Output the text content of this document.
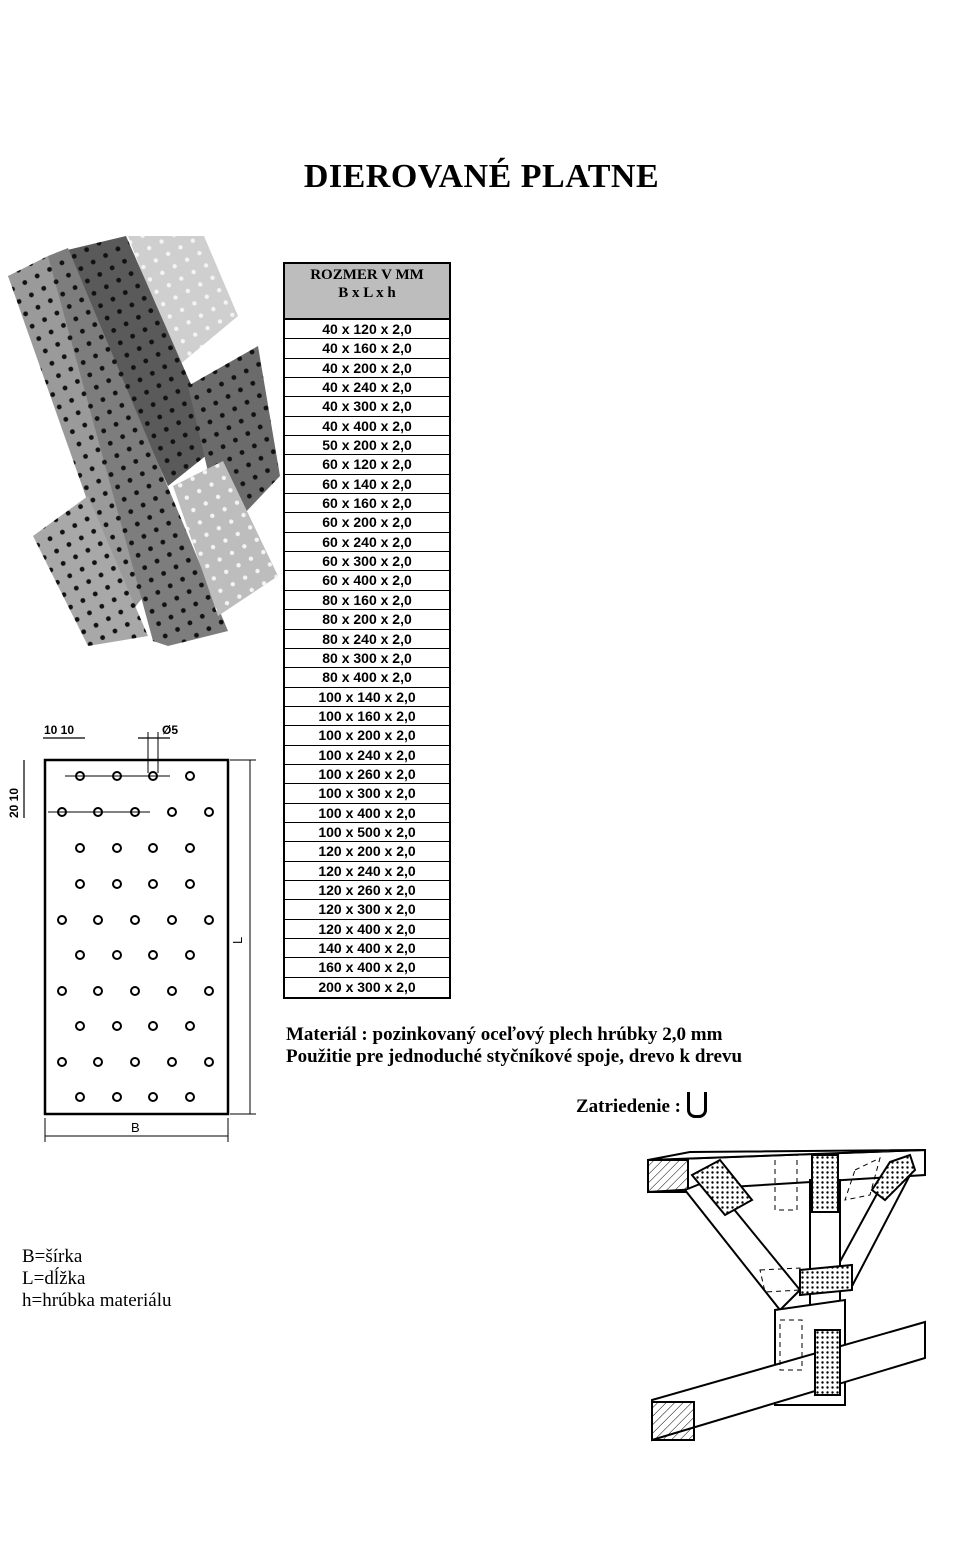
DIEROVANÉ PLATNE
ROZMER V MM
B x L x h
40 x 120 x 2,0
40 x 160 x 2,0
40 x 200 x 2,0
40 x 240 x 2,0
40 x 300 x 2,0
40 x 400 x 2,0
50 x 200 x 2,0
60 x 120 x 2,0
60 x 140 x 2,0
60 x 160 x 2,0
60 x 200 x 2,0
60 x 240 x 2,0
60 x 300 x 2,0
60 x 400 x 2,0
80 x 160 x 2,0
80 x 200 x 2,0
80 x 240 x 2,0
80 x 300 x 2,0
80 x 400 x 2,0
100 x 140 x 2,0
100 x 160 x 2,0
100 x 200 x 2,0
100 x 240 x 2,0
100 x 260 x 2,0
100 x 300 x 2,0
100 x 400 x 2,0
100 x 500 x 2,0
120 x 200 x 2,0
120 x 240 x 2,0
120 x 260 x 2,0
120 x 300 x 2,0
120 x 400 x 2,0
140 x 400 x 2,0
160 x 400 x 2,0
200 x 300 x 2,0
10 10	Ø5
20 10
L
B
Materiál : pozinkovaný oceľový plech hrúbky 2,0 mm
Použitie pre jednoduché styčníkové spoje, drevo k drevu
Zatriedenie :
B=šírka
L=dĺžka
h=hrúbka materiálu
